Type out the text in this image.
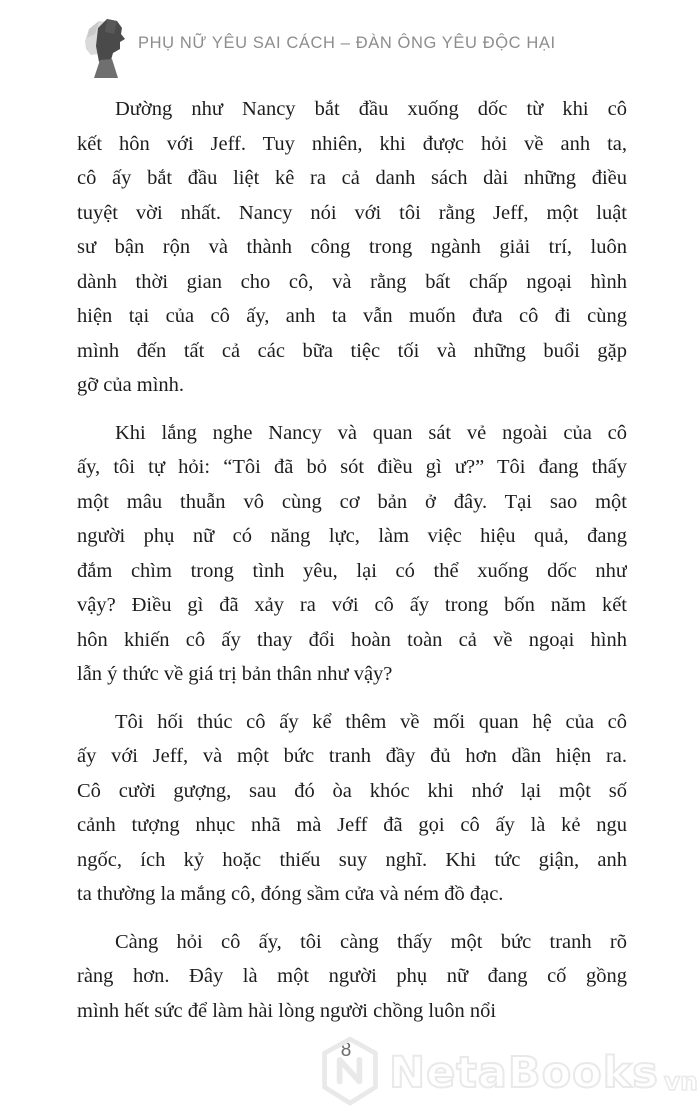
PHỤ NỮ YÊU SAI CÁCH – ĐÀN ÔNG YÊU ĐỘC HẠI
Dường như Nancy bắt đầu xuống dốc từ khi cô
kết hôn với Jeff. Tuy nhiên, khi được hỏi về anh ta,
cô ấy bắt đầu liệt kê ra cả danh sách dài những điều
tuyệt vời nhất. Nancy nói với tôi rằng Jeff, một luật
sư bận rộn và thành công trong ngành giải trí, luôn
dành thời gian cho cô, và rằng bất chấp ngoại hình
hiện tại của cô ấy, anh ta vẫn muốn đưa cô đi cùng
mình đến tất cả các bữa tiệc tối và những buổi gặp
gỡ của mình.
Khi lắng nghe Nancy và quan sát vẻ ngoài của cô
ấy, tôi tự hỏi: “Tôi đã bỏ sót điều gì ư?” Tôi đang thấy
một mâu thuẫn vô cùng cơ bản ở đây. Tại sao một
người phụ nữ có năng lực, làm việc hiệu quả, đang
đắm chìm trong tình yêu, lại có thể xuống dốc như
vậy? Điều gì đã xảy ra với cô ấy trong bốn năm kết
hôn khiến cô ấy thay đổi hoàn toàn cả về ngoại hình
lẫn ý thức về giá trị bản thân như vậy?
Tôi hối thúc cô ấy kể thêm về mối quan hệ của cô
ấy với Jeff, và một bức tranh đầy đủ hơn dần hiện ra.
Cô cười gượng, sau đó òa khóc khi nhớ lại một số
cảnh tượng nhục nhã mà Jeff đã gọi cô ấy là kẻ ngu
ngốc, ích kỷ hoặc thiếu suy nghĩ. Khi tức giận, anh
ta thường la mắng cô, đóng sầm cửa và ném đồ đạc.
Càng hỏi cô ấy, tôi càng thấy một bức tranh rõ
ràng hơn. Đây là một người phụ nữ đang cố gồng
mình hết sức để làm hài lòng người chồng luôn nổi
8 NetaBooks vn
